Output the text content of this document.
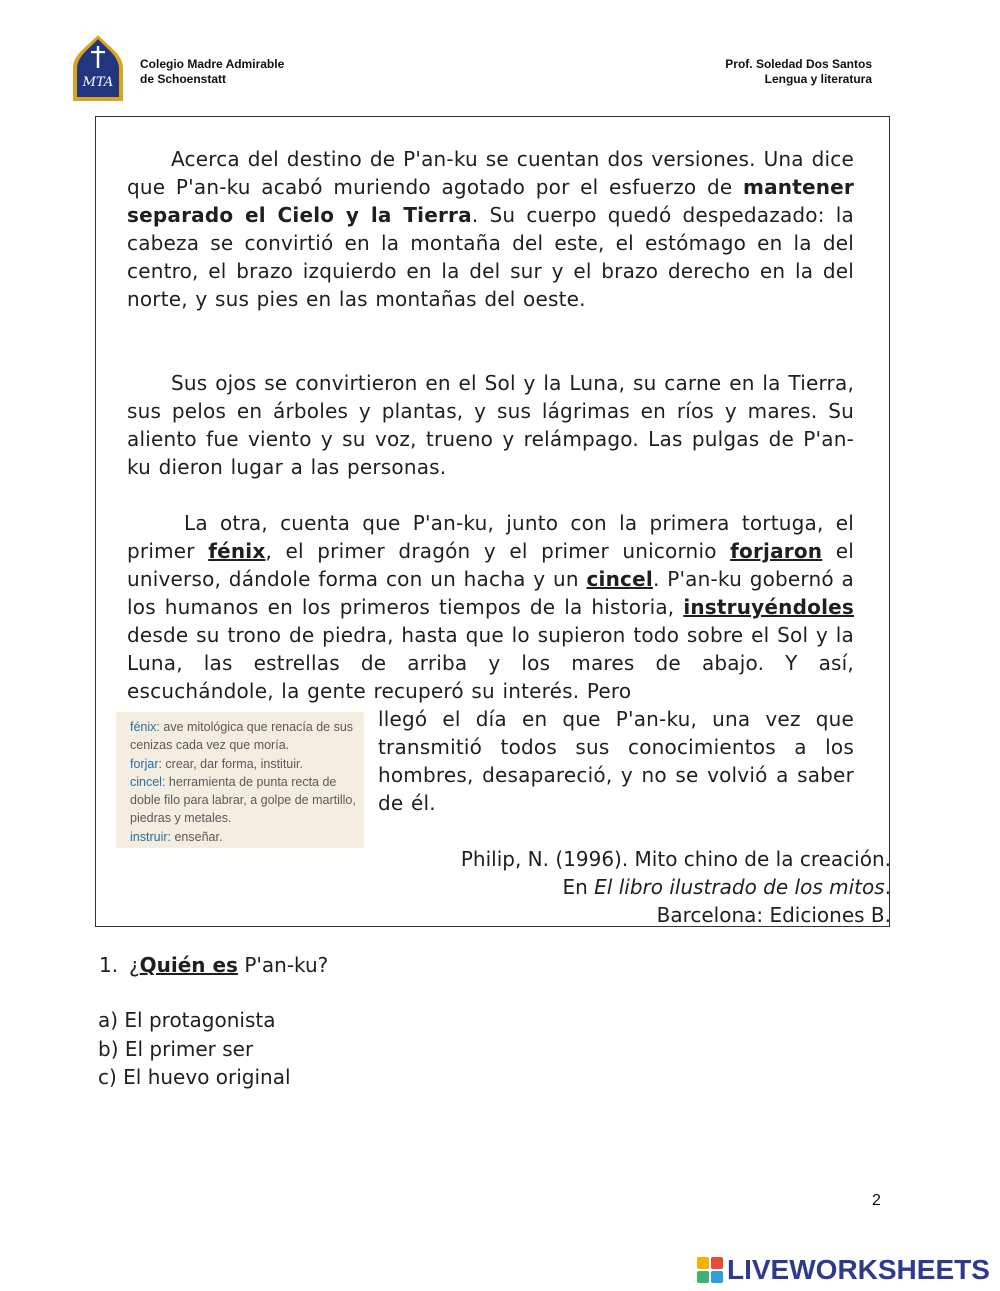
MTA
Colegio Madre Admirable
de Schoenstatt
Prof. Soledad Dos Santos
Lengua y literatura

Acerca del destino de P'an-ku se cuentan dos versiones. Una dice que P'an-ku acabó muriendo agotado por el esfuerzo de mantener separado el Cielo y la Tierra. Su cuerpo quedó despedazado: la cabeza se convirtió en la montaña del este, el estómago en la del centro, el brazo izquierdo en la del sur y el brazo derecho en la del norte, y sus pies en las montañas del oeste.

Sus ojos se convirtieron en el Sol y la Luna, su carne en la Tierra, sus pelos en árboles y plantas, y sus lágrimas en ríos y mares. Su aliento fue viento y su voz, trueno y relámpago. Las pulgas de P'an-ku dieron lugar a las personas.

La otra, cuenta que P'an-ku, junto con la primera tortuga, el primer fénix, el primer dragón y el primer unicornio forjaron el universo, dándole forma con un hacha y un cincel. P'an-ku gobernó a los humanos en los primeros tiempos de la historia, instruyéndoles desde su trono de piedra, hasta que lo supieron todo sobre el Sol y la Luna, las estrellas de arriba y los mares de abajo. Y así, escuchándole, la gente recuperó su interés. Pero

llegó el día en que P'an-ku, una vez que transmitió todos sus conocimientos a los hombres, desapareció, y no se volvió a saber de él.

fénix: ave mitológica que renacía de sus cenizas cada vez que moría.
forjar: crear, dar forma, instituir.
cincel: herramienta de punta recta de doble filo para labrar, a golpe de martillo, piedras y metales.
instruir: enseñar.
Philip, N. (1996). Mito chino de la creación.
En El libro ilustrado de los mitos.
Barcelona: Ediciones B.
1. ¿Quién es P'an-ku?
a) El protagonista
b) El primer ser
c) El huevo original
2
LIVEWORKSHEETS
